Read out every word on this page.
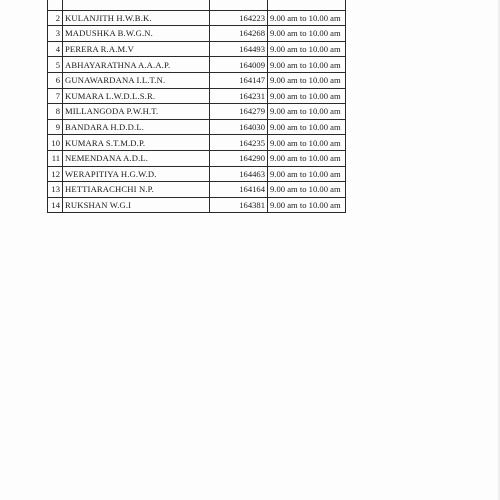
2	KULANJITH H.W.B.K.	164223	9.00 am to 10.00 am
3	MADUSHKA B.W.G.N.	164268	9.00 am to 10.00 am
4	PERERA R.A.M.V	164493	9.00 am to 10.00 am
5	ABHAYARATHNA A.A.A.P.	164009	9.00 am to 10.00 am
6	GUNAWARDANA I.L.T.N.	164147	9.00 am to 10.00 am
7	KUMARA L.W.D.L.S.R.	164231	9.00 am to 10.00 am
8	MILLANGODA P.W.H.T.	164279	9.00 am to 10.00 am
9	BANDARA H.D.D.L.	164030	9.00 am to 10.00 am
10	KUMARA S.T.M.D.P.	164235	9.00 am to 10.00 am
11	NEMENDANA A.D.L.	164290	9.00 am to 10.00 am
12	WERAPITIYA H.G.W.D.	164463	9.00 am to 10.00 am
13	HETTIARACHCHI N.P.	164164	9.00 am to 10.00 am
14	RUKSHAN W.G.I	164381	9.00 am to 10.00 am
